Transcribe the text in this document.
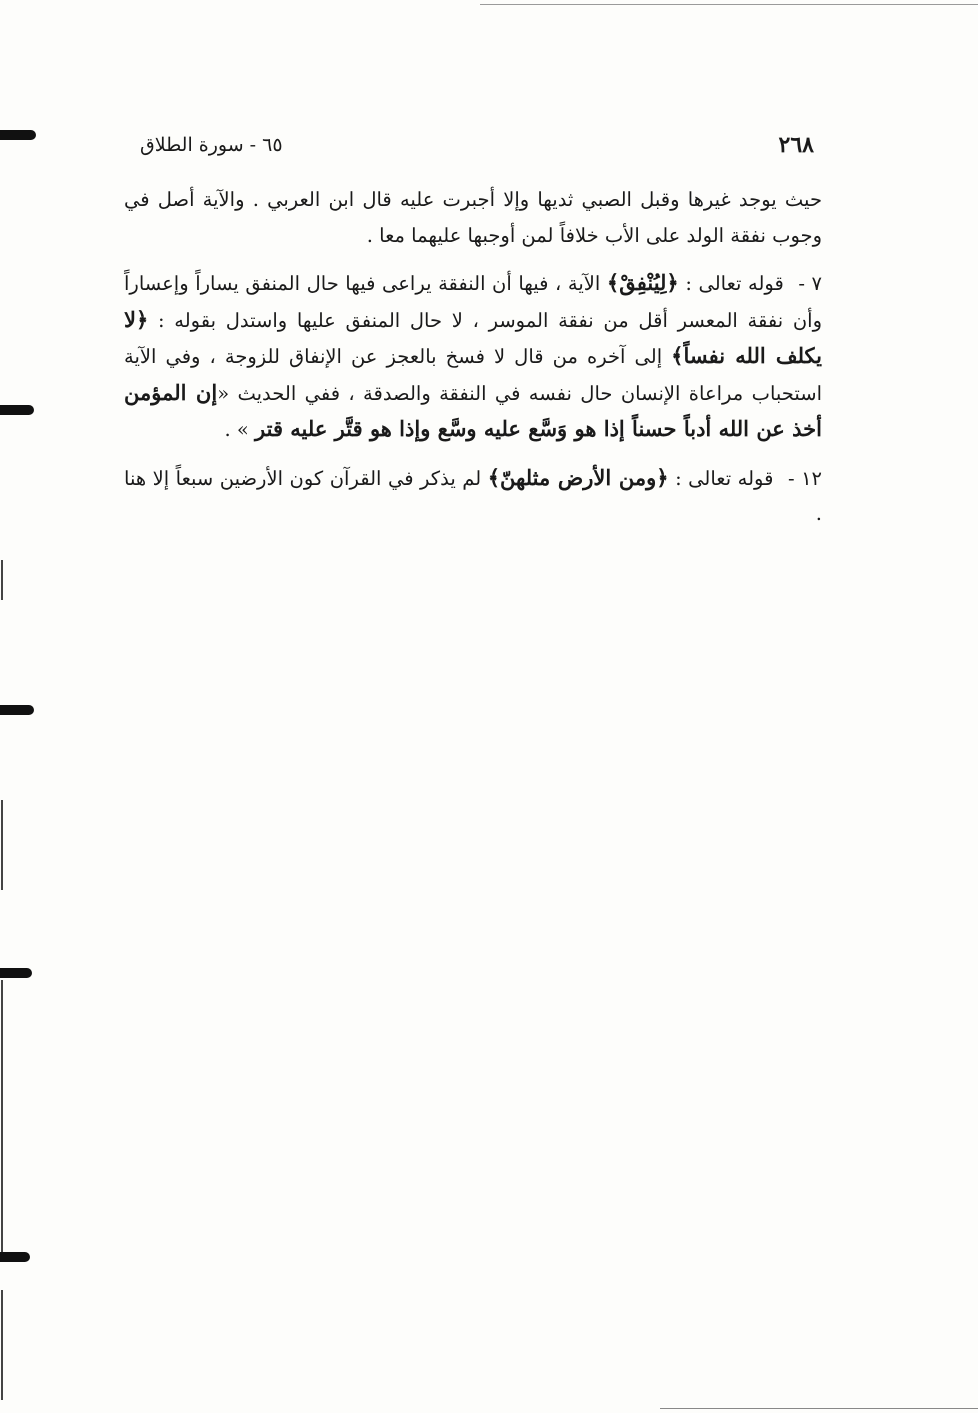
٦٥ - سورة الطلاق	٢٦٨

حيث يوجد غيرها وقبل الصبي ثديها وإلا أجبرت عليه قال ابن العربي . والآية أصل في وجوب نفقة الولد على الأب خلافاً لمن أوجبها عليهما معا .

٧ - قوله تعالى : ﴿لِيُنْفِقْ﴾ الآية ، فيها أن النفقة يراعى فيها حال المنفق يساراً وإعساراً وأن نفقة المعسر أقل من نفقة الموسر ، لا حال المنفق عليها واستدل بقوله : ﴿لا يكلف الله نفساً﴾ إلى آخره من قال لا فسخ بالعجز عن الإنفاق للزوجة ، وفي الآية استحباب مراعاة الإنسان حال نفسه في النفقة والصدقة ، ففي الحديث «إن المؤمن أخذ عن الله أدباً حسناً إذا هو وَسَّع عليه وسَّع وإذا هو قتَّر عليه قتر » .

١٢ - قوله تعالى : ﴿ومن الأرض مثلهنّ﴾ لم يذكر في القرآن كون الأرضين سبعاً إلا هنا .
